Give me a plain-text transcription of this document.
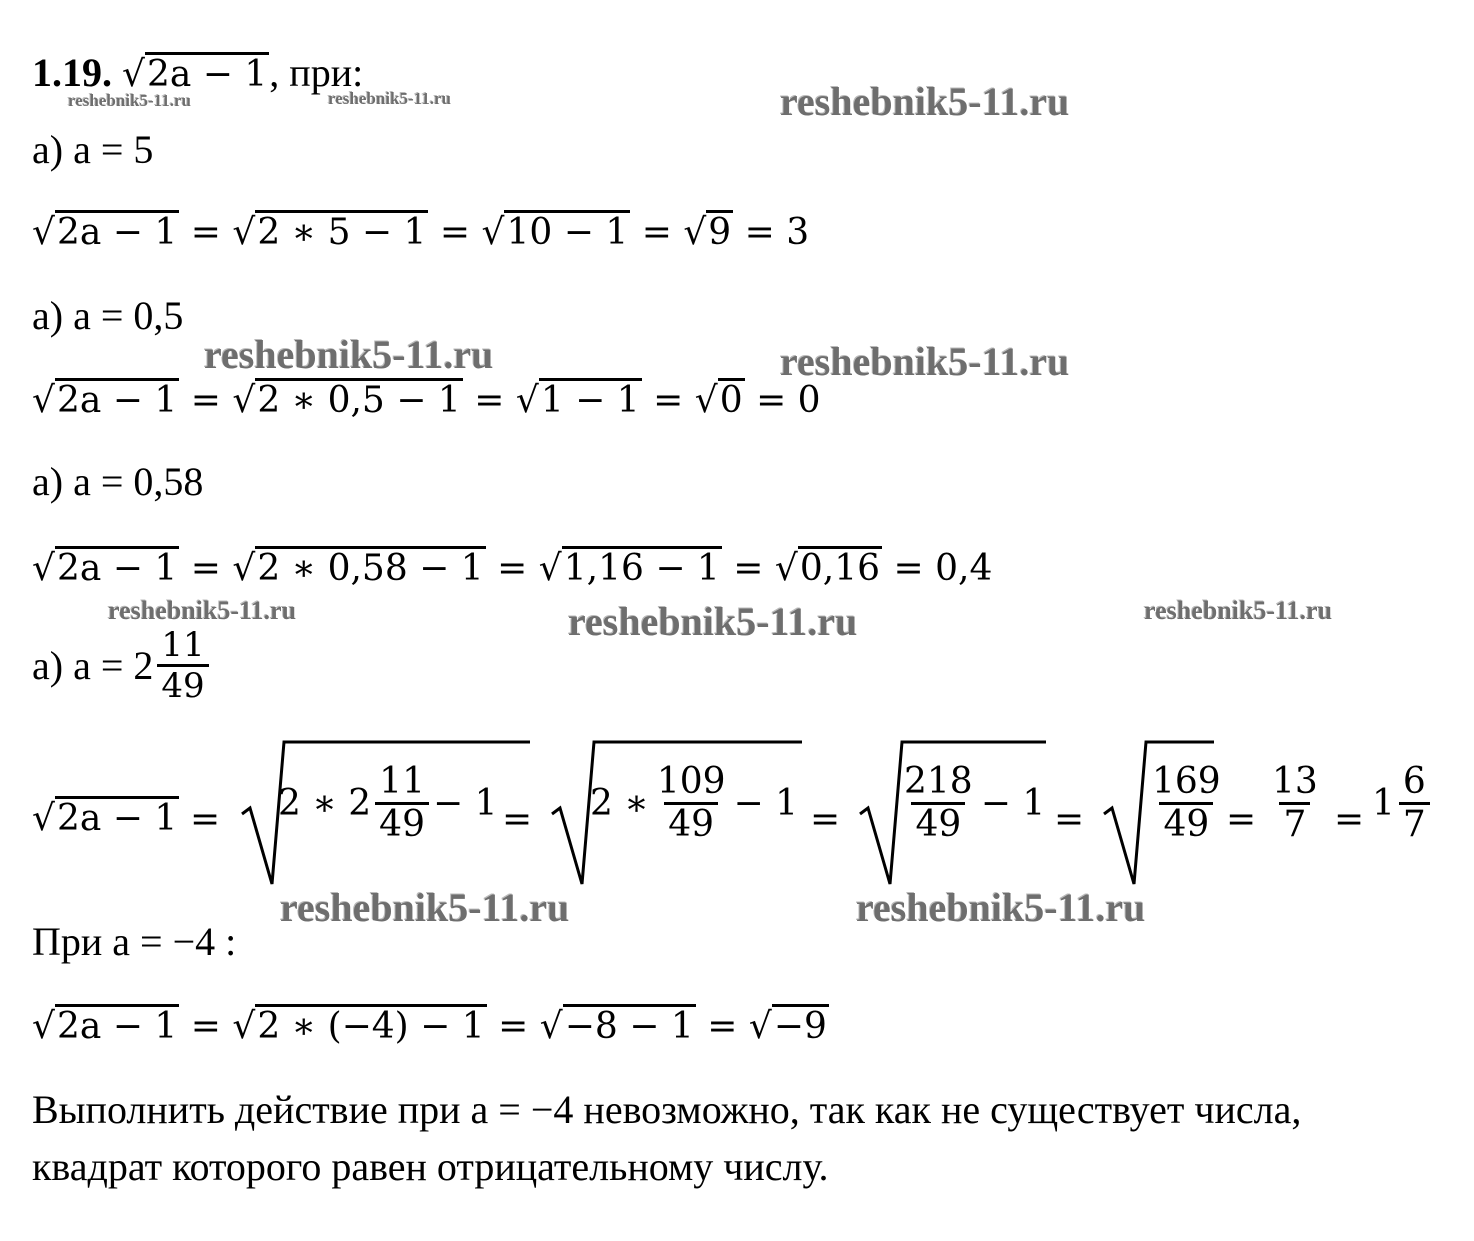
1.19. √2a − 1, при:
а) а = 5
√2a − 1 = √2 ∗ 5 − 1 = √10 − 1 = √9 = 3
а) а = 0,5
√2a − 1 = √2 ∗ 0,5 − 1 = √1 − 1 = √0 = 0
а) а = 0,58
√2a − 1 = √2 ∗ 0,58 − 1 = √1,16 − 1 = √0,16 = 0,4
а) $а = 2 \frac{11}{49}$
√2a − 1 = 2 ∗ $2 \frac{11}{49} - 1 = 2$ ∗ $\frac{109}{49} - 1 = \frac{218}{49} - 1 = \frac{169}{49} = \frac{13}{7} = 1 \frac{6}{7}$
При а = −4 :
√2a − 1 = √2 ∗ (−4) − 1 = √−8 − 1 = √−9
Выполнить действие при а = −4 невозможно, так как не существует числа,
квадрат которого равен отрицательному числу.
reshebnik5-11.ru	reshebnik5-11.ru	reshebnik5-11.ru
reshebnik5-11.ru	reshebnik5-11.ru
reshebnik5-11.ru	reshebnik5-11.ru	reshebnik5-11.ru
reshebnik5-11.ru	reshebnik5-11.ru
